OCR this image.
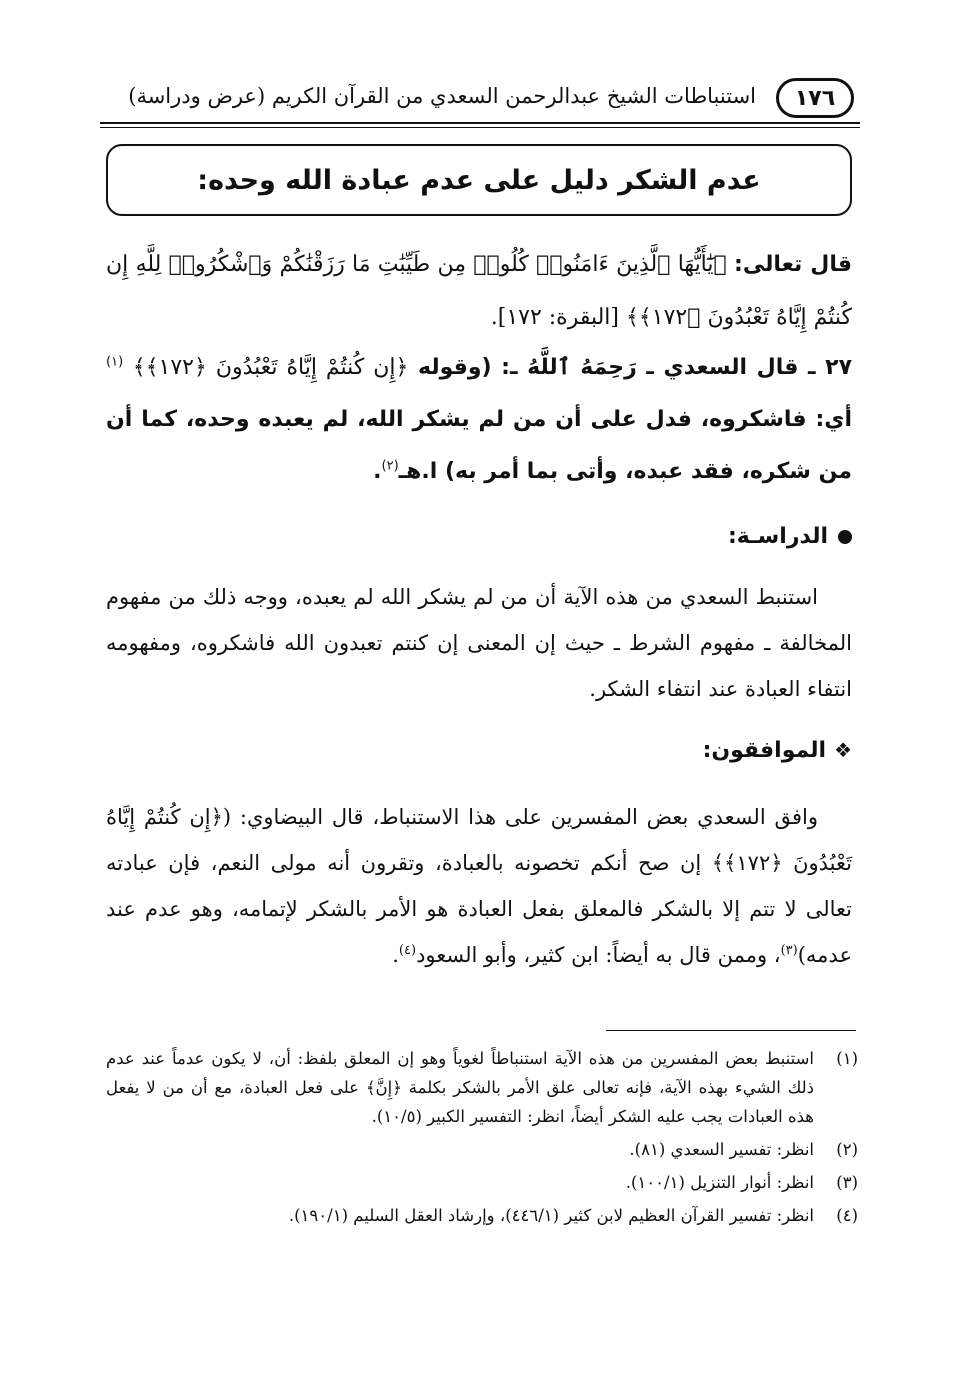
١٧٦
استنباطات الشيخ عبدالرحمن السعدي من القرآن الكريم (عرض ودراسة)
عدم الشكر دليل على عدم عبادة الله وحده:
قال تعالى: ﴿يَٰٓأَيُّهَا ٱلَّذِينَ ءَامَنُوا۟ كُلُوا۟ مِن طَيِّبَٰتِ مَا رَزَقْنَٰكُمْ وَٱشْكُرُوا۟ لِلَّهِ إِن كُنتُمْ إِيَّاهُ تَعْبُدُونَ ﴿١٧٢﴾﴾ [البقرة: ١٧٢].
٢٧ ـ قال السعدي ـ رَحِمَهُ ٱللَّهُ ـ: (وقوله ﴿إِن كُنتُمْ إِيَّاهُ تَعْبُدُونَ ﴿١٧٢﴾﴾ $^{(١)}$ أي: فاشكروه، فدل على أن من لم يشكر الله، لم يعبده وحده، كما أن من شكره، فقد عبده، وأتى بما أمر به) ا.هـ$^{(٢)}$.
الدراسـة:
استنبط السعدي من هذه الآية أن من لم يشكر الله لم يعبده، ووجه ذلك من مفهوم المخالفة ـ مفهوم الشرط ـ حيث إن المعنى إن كنتم تعبدون الله فاشكروه، ومفهومه انتفاء العبادة عند انتفاء الشكر.
❖الموافقون:
وافق السعدي بعض المفسرين على هذا الاستنباط، قال البيضاوي: (﴿إِن كُنتُمْ إِيَّاهُ تَعْبُدُونَ ﴿١٧٢﴾﴾ إن صح أنكم تخصونه بالعبادة، وتقرون أنه مولى النعم، فإن عبادته تعالى لا تتم إلا بالشكر فالمعلق بفعل العبادة هو الأمر بالشكر لإتمامه، وهو عدم عند عدمه)$^{(٣)}$، وممن قال به أيضاً: ابن كثير، وأبو السعود$^{(٤)}$.
(١)
استنبط بعض المفسرين من هذه الآية استنباطاً لغوياً وهو إن المعلق بلفظ: أن، لا يكون عدماً عند عدم ذلك الشيء بهذه الآية، فإنه تعالى علق الأمر بالشكر بكلمة ﴿إِنَّ﴾ على فعل العبادة، مع أن من لا يفعل هذه العبادات يجب عليه الشكر أيضاً، انظر: التفسير الكبير (١٠/٥).
(٢)
انظر: تفسير السعدي (٨١).
(٣)
انظر: أنوار التنزيل (١٠٠/١).
(٤)
انظر: تفسير القرآن العظيم لابن كثير (٤٤٦/١)، وإرشاد العقل السليم (١٩٠/١).
